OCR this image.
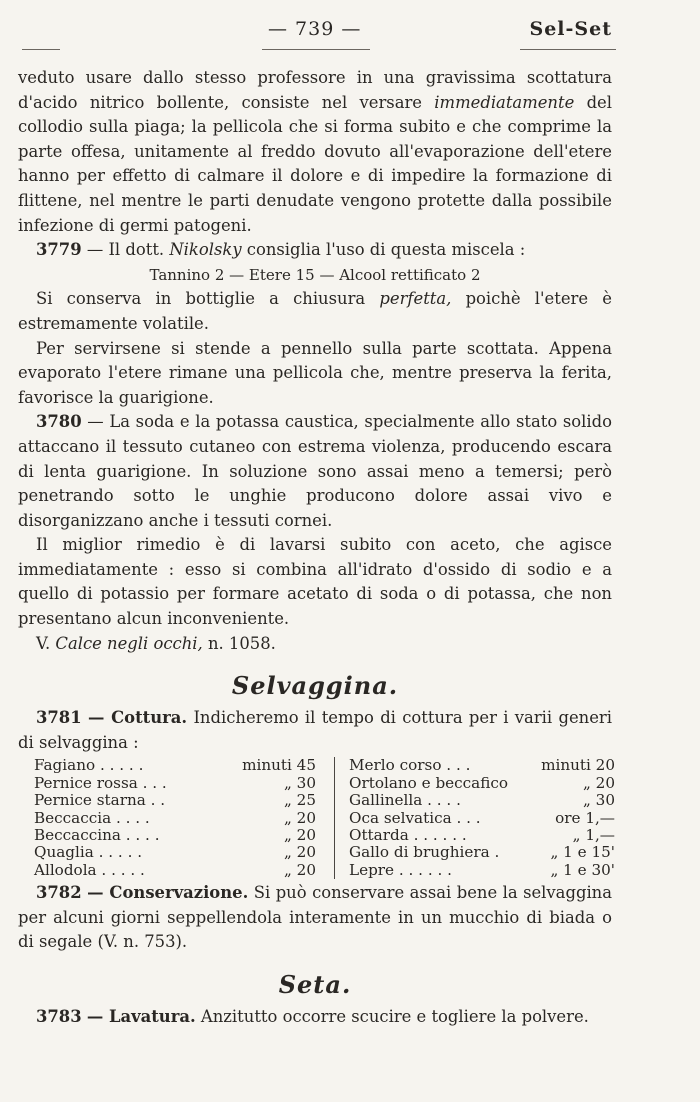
— 739 —	Sel-Set

veduto usare dallo stesso professore in una gravissima scottatura d'acido nitrico bollente, consiste nel versare immediatamente del collodio sulla piaga; la pellicola che si forma subito e che comprime la parte offesa, unitamente al freddo dovuto all'evaporazione dell'etere hanno per effetto di calmare il dolore e di impedire la formazione di flittene, nel mentre le parti denudate vengono protette dalla possibile infezione di germi patogeni.

3779 — Il dott. Nikolsky consiglia l'uso di questa miscela :

Tannino 2 — Etere 15 — Alcool rettificato 2

Si conserva in bottiglie a chiusura perfetta, poichè l'etere è estremamente volatile.

Per servirsene si stende a pennello sulla parte scottata. Appena evaporato l'etere rimane una pellicola che, mentre preserva la ferita, favorisce la guarigione.

3780 — La soda e la potassa caustica, specialmente allo stato solido attaccano il tessuto cutaneo con estrema violenza, producendo escara di lenta guarigione. In soluzione sono assai meno a temersi; però penetrando sotto le unghie producono dolore assai vivo e disorganizzano anche i tessuti cornei.

Il miglior rimedio è di lavarsi subito con aceto, che agisce immediatamente : esso si combina all'idrato d'ossido di sodio e a quello di potassio per formare acetato di soda o di potassa, che non presentano alcun inconveniente.

V. Calce negli occhi, n. 1058.

Selvaggina.

3781 — Cottura. Indicheremo il tempo di cottura per i varii generi di selvaggina :

Fagiano . . . . .	minuti 45
Pernice rossa . . .	„ 30
Pernice starna . .	„ 25
Beccaccia . . . .	„ 20
Beccaccina . . . .	„ 20
Quaglia . . . . .	„ 20
Allodola . . . . .	„ 20
Merlo corso . . .	minuti 20
Ortolano e beccafico	„ 20
Gallinella . . . .	„ 30
Oca selvatica . . .	ore 1,—
Ottarda . . . . . .	„ 1,—
Gallo di brughiera .	„ 1 e 15'
Lepre . . . . . .	„ 1 e 30'

3782 — Conservazione. Si può conservare assai bene la selvaggina per alcuni giorni seppellendola interamente in un mucchio di biada o di segale (V. n. 753).

Seta.

3783 — Lavatura. Anzitutto occorre scucire e togliere la polvere.
